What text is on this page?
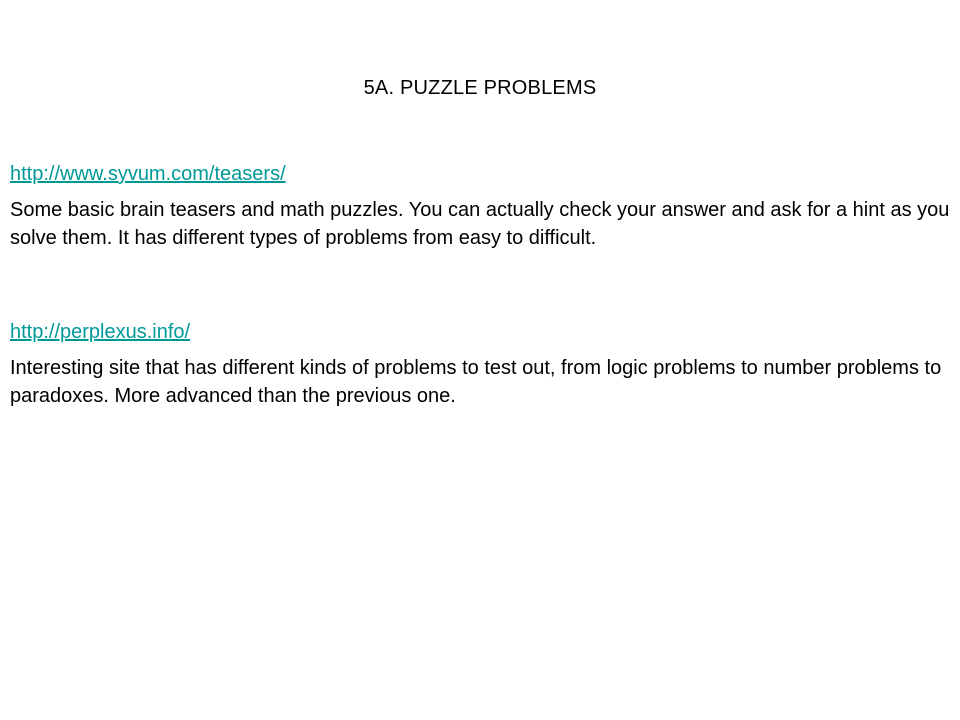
5A. PUZZLE PROBLEMS
http://www.syvum.com/teasers/

Some basic brain teasers and math puzzles. You can actually check your answer and ask for a hint as you solve them. It has different types of problems from easy to difficult.

http://perplexus.info/

Interesting site that has different kinds of problems to test out, from logic problems to number problems to paradoxes. More advanced than the previous one.
